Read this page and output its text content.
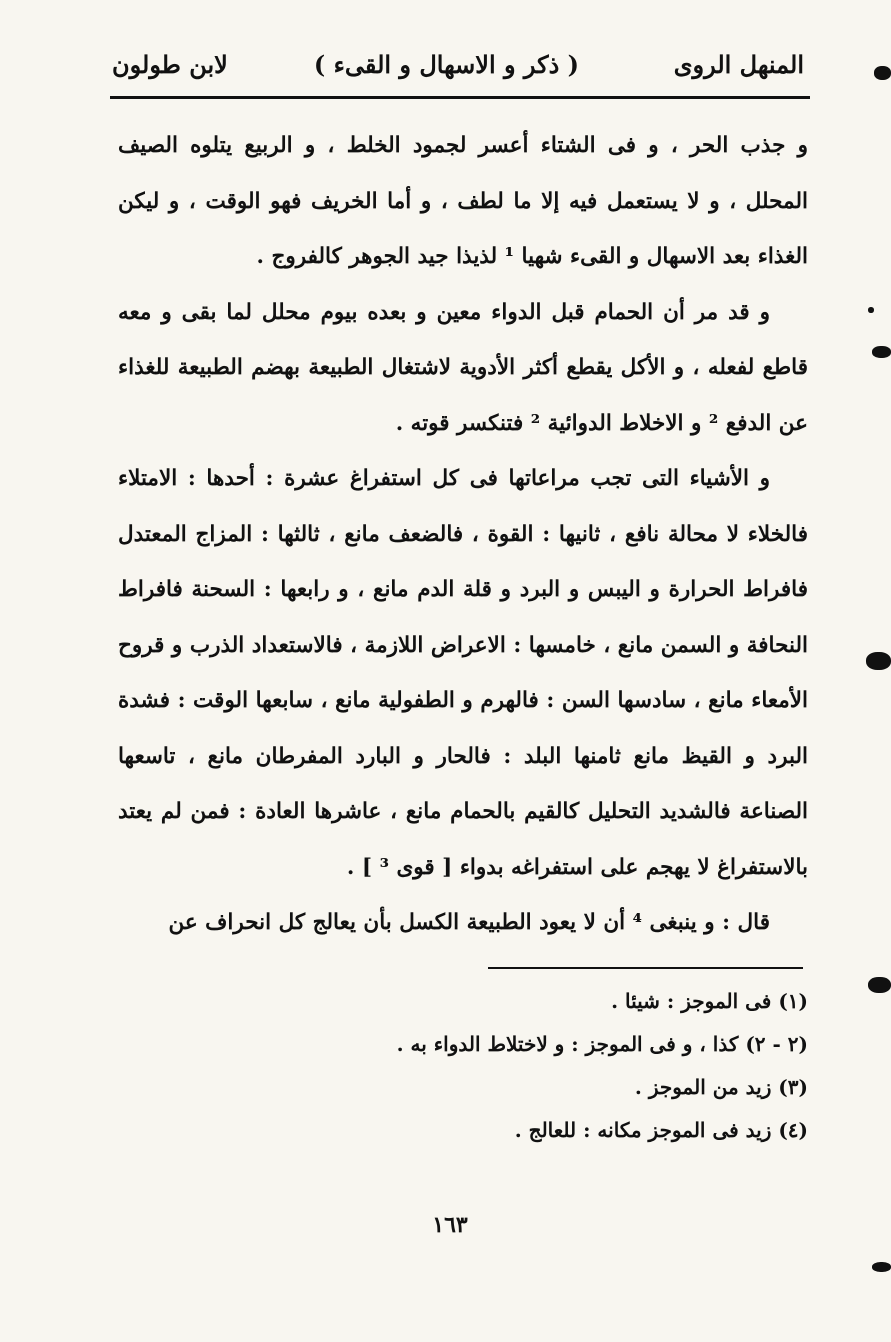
المنهل الروى
( ذكر و الاسهال و القىء )
لابن طولون

و جذب الحر ، و فى الشتاء أعسر لجمود الخلط ، و الربيع يتلوه الصيف المحلل ، و لا يستعمل فيه إلا ما لطف ، و أما الخريف فهو الوقت ، و ليكن الغذاء بعد الاسهال و القىء شهيا ¹ لذيذا جيد الجوهر كالفروج .

و قد مر أن الحمام قبل الدواء معين و بعده بيوم محلل لما بقى و معه قاطع لفعله ، و الأكل يقطع أكثر الأدوية لاشتغال الطبيعة بهضم الطبيعة للغذاء عن الدفع ² و الاخلاط الدوائية ² فتنكسر قوته .

و الأشياء التى تجب مراعاتها فى كل استفراغ عشرة : أحدها : الامتلاء فالخلاء لا محالة نافع ، ثانيها : القوة ، فالضعف مانع ، ثالثها : المزاج المعتدل فافراط الحرارة و اليبس و البرد و قلة الدم مانع ، و رابعها : السحنة فافراط النحافة و السمن مانع ، خامسها : الاعراض اللازمة ، فالاستعداد الذرب و قروح الأمعاء مانع ، سادسها السن : فالهرم و الطفولية مانع ، سابعها الوقت : فشدة البرد و القيظ مانع ثامنها البلد : فالحار و البارد المفرطان مانع ، تاسعها الصناعة فالشديد التحليل كالقيم بالحمام مانع ، عاشرها العادة : فمن لم يعتد بالاستفراغ لا يهجم على استفراغه بدواء [ قوى ³ ] .

قال : و ينبغى ⁴ أن لا يعود الطبيعة الكسل بأن يعالج كل انحراف عن

(١) فى الموجز : شيئا .
(٢ - ٢) كذا ، و فى الموجز : و لاختلاط الدواء به .
(٣) زيد من الموجز .
(٤) زيد فى الموجز مكانه : للعالج .
١٦٣
